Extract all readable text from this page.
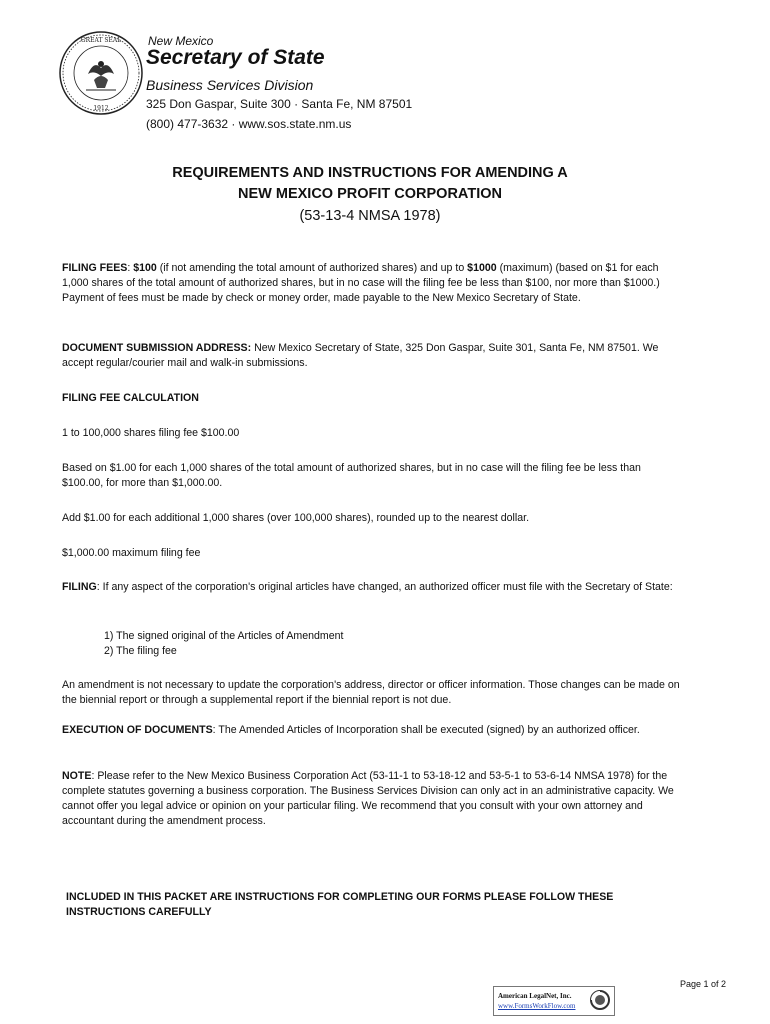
GREAT SEAL
1912
New Mexico
Secretary of State
Business Services Division
325 Don Gaspar, Suite 300 · Santa Fe, NM 87501
(800) 477-3632 · www.sos.state.nm.us
REQUIREMENTS AND INSTRUCTIONS FOR AMENDING A
NEW MEXICO PROFIT CORPORATION
(53-13-4 NMSA 1978)
FILING FEES: $100 (if not amending the total amount of authorized shares) and up to $1000 (maximum) (based on $1 for each 1,000 shares of the total amount of authorized shares, but in no case will the filing fee be less than $100, nor more than $1000.) Payment of fees must be made by check or money order, made payable to the New Mexico Secretary of State.
DOCUMENT SUBMISSION ADDRESS: New Mexico Secretary of State, 325 Don Gaspar, Suite 301, Santa Fe, NM 87501. We accept regular/courier mail and walk-in submissions.
FILING FEE CALCULATION
1 to 100,000 shares filing fee $100.00
Based on $1.00 for each 1,000 shares of the total amount of authorized shares, but in no case will the filing fee be less than $100.00, for more than $1,000.00.
Add $1.00 for each additional 1,000 shares (over 100,000 shares), rounded up to the nearest dollar.
$1,000.00 maximum filing fee
FILING: If any aspect of the corporation's original articles have changed, an authorized officer must file with the Secretary of State:
1) The signed original of the Articles of Amendment
2) The filing fee
An amendment is not necessary to update the corporation's address, director or officer information. Those changes can be made on the biennial report or through a supplemental report if the biennial report is not due.
EXECUTION OF DOCUMENTS: The Amended Articles of Incorporation shall be executed (signed) by an authorized officer.
NOTE: Please refer to the New Mexico Business Corporation Act (53-11-1 to 53-18-12 and 53-5-1 to 53-6-14 NMSA 1978) for the complete statutes governing a business corporation. The Business Services Division can only act in an administrative capacity. We cannot offer you legal advice or opinion on your particular filing. We recommend that you consult with your own attorney and accountant during the amendment process.
INCLUDED IN THIS PACKET ARE INSTRUCTIONS FOR COMPLETING OUR FORMS PLEASE FOLLOW THESE INSTRUCTIONS CAREFULLY
Page 1 of 2
American LegalNet, Inc.
www.FormsWorkFlow.com
